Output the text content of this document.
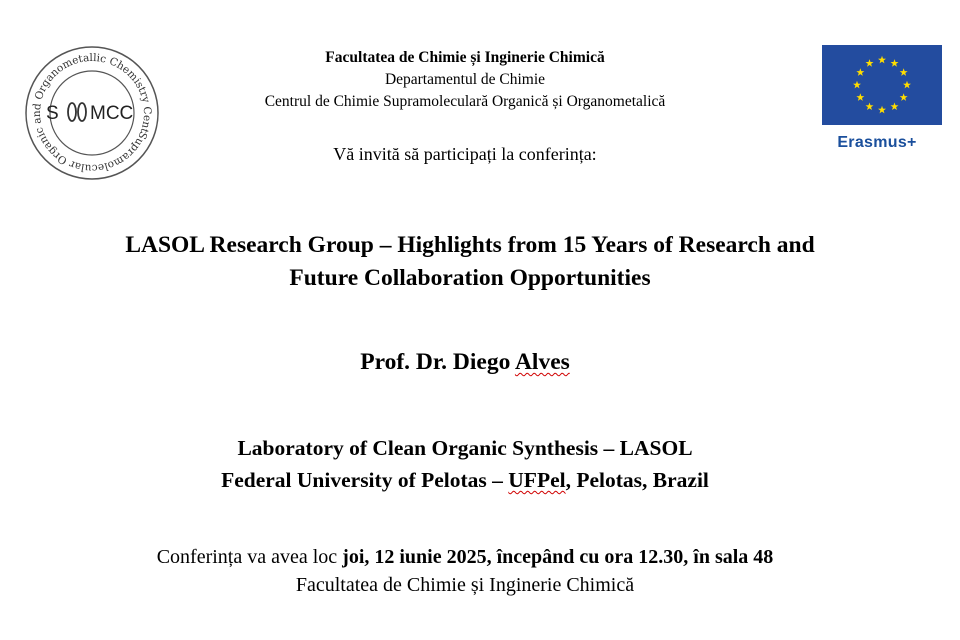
Supramolecular Organic and Organometallic Chemistry Centre
S MCC
Erasmus+
Facultatea de Chimie și Inginerie Chimică
Departamentul de Chimie
Centrul de Chimie Supramoleculară Organică și Organometalică
Vă invită să participați la conferința:
LASOL Research Group – Highlights from 15 Years of Research and
Future Collaboration Opportunities
Prof. Dr. Diego Alves
Laboratory of Clean Organic Synthesis – LASOL
Federal University of Pelotas – UFPel, Pelotas, Brazil
Conferința va avea loc joi, 12 iunie 2025, începând cu ora 12.30, în sala 48
Facultatea de Chimie și Inginerie Chimică
